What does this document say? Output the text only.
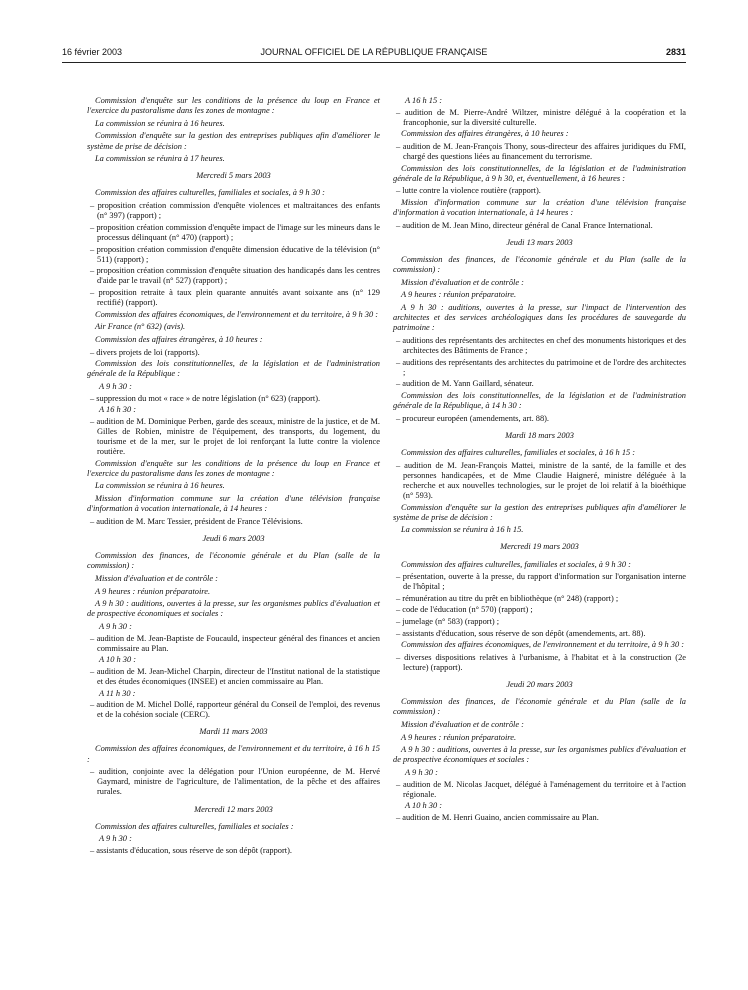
16 février 2003	JOURNAL OFFICIEL DE LA RÉPUBLIQUE FRANÇAISE	2831
Commission d'enquête sur les conditions de la présence du loup en France et l'exercice du pastoralisme dans les zones de montagne :
La commission se réunira à 16 heures.
Commission d'enquête sur la gestion des entreprises publiques afin d'améliorer le système de prise de décision :
La commission se réunira à 17 heures.
Mercredi 5 mars 2003
Commission des affaires culturelles, familiales et sociales, à 9 h 30 :
– proposition création commission d'enquête violences et maltraitances des enfants (n° 397) (rapport) ;
– proposition création commission d'enquête impact de l'image sur les mineurs dans le processus délinquant (n° 470) (rapport) ;
– proposition création commission d'enquête dimension éducative de la télévision (n° 511) (rapport) ;
– proposition création commission d'enquête situation des handicapés dans les centres d'aide par le travail (n° 527) (rapport) ;
– proposition retraite à taux plein quarante annuités avant soixante ans (n° 129 rectifié) (rapport).
Commission des affaires économiques, de l'environnement et du territoire, à 9 h 30 :
Air France (n° 632) (avis).
Commission des affaires étrangères, à 10 heures :
– divers projets de loi (rapports).
Commission des lois constitutionnelles, de la législation et de l'administration générale de la République :
A 9 h 30 :
– suppression du mot « race » de notre législation (n° 623) (rapport).
A 16 h 30 :
– audition de M. Dominique Perben, garde des sceaux, ministre de la justice, et de M. Gilles de Robien, ministre de l'équipement, des transports, du logement, du tourisme et de la mer, sur le projet de loi renforçant la lutte contre la violence routière.
Commission d'enquête sur les conditions de la présence du loup en France et l'exercice du pastoralisme dans les zones de montagne :
La commission se réunira à 16 heures.
Mission d'information commune sur la création d'une télévision française d'information à vocation internationale, à 14 heures :
– audition de M. Marc Tessier, président de France Télévisions.
Jeudi 6 mars 2003
Commission des finances, de l'économie générale et du Plan (salle de la commission) :
Mission d'évaluation et de contrôle :
A 9 heures : réunion préparatoire.
A 9 h 30 : auditions, ouvertes à la presse, sur les organismes publics d'évaluation et de prospective économiques et sociales :
A 9 h 30 :
– audition de M. Jean-Baptiste de Foucauld, inspecteur général des finances et ancien commissaire au Plan.
A 10 h 30 :
– audition de M. Jean-Michel Charpin, directeur de l'Institut national de la statistique et des études économiques (INSEE) et ancien commissaire au Plan.
A 11 h 30 :
– audition de M. Michel Dollé, rapporteur général du Conseil de l'emploi, des revenus et de la cohésion sociale (CERC).
Mardi 11 mars 2003
Commission des affaires économiques, de l'environnement et du territoire, à 16 h 15 :
– audition, conjointe avec la délégation pour l'Union européenne, de M. Hervé Gaymard, ministre de l'agriculture, de l'alimentation, de la pêche et des affaires rurales.
Mercredi 12 mars 2003
Commission des affaires culturelles, familiales et sociales :
A 9 h 30 :
– assistants d'éducation, sous réserve de son dépôt (rapport).
A 16 h 15 :
– audition de M. Pierre-André Wiltzer, ministre délégué à la coopération et la francophonie, sur la diversité culturelle.
Commission des affaires étrangères, à 10 heures :
– audition de M. Jean-François Thony, sous-directeur des affaires juridiques du FMI, chargé des questions liées au financement du terrorisme.
Commission des lois constitutionnelles, de la législation et de l'administration générale de la République, à 9 h 30, et, éventuellement, à 16 heures :
– lutte contre la violence routière (rapport).
Mission d'information commune sur la création d'une télévision française d'information à vocation internationale, à 14 heures :
– audition de M. Jean Mino, directeur général de Canal France International.
Jeudi 13 mars 2003
Commission des finances, de l'économie générale et du Plan (salle de la commission) :
Mission d'évaluation et de contrôle :
A 9 heures : réunion préparatoire.
A 9 h 30 : auditions, ouvertes à la presse, sur l'impact de l'intervention des architectes et des services archéologiques dans les procédures de sauvegarde du patrimoine :
– auditions des représentants des architectes en chef des monuments historiques et des architectes des Bâtiments de France ;
– auditions des représentants des architectes du patrimoine et de l'ordre des architectes ;
– audition de M. Yann Gaillard, sénateur.
Commission des lois constitutionnelles, de la législation et de l'administration générale de la République, à 14 h 30 :
– procureur européen (amendements, art. 88).
Mardi 18 mars 2003
Commission des affaires culturelles, familiales et sociales, à 16 h 15 :
– audition de M. Jean-François Mattei, ministre de la santé, de la famille et des personnes handicapées, et de Mme Claudie Haigneré, ministre déléguée à la recherche et aux nouvelles technologies, sur le projet de loi relatif à la bioéthique (n° 593).
Commission d'enquête sur la gestion des entreprises publiques afin d'améliorer le système de prise de décision :
La commission se réunira à 16 h 15.
Mercredi 19 mars 2003
Commission des affaires culturelles, familiales et sociales, à 9 h 30 :
– présentation, ouverte à la presse, du rapport d'information sur l'organisation interne de l'hôpital ;
– rémunération au titre du prêt en bibliothèque (n° 248) (rapport) ;
– code de l'éducation (n° 570) (rapport) ;
– jumelage (n° 583) (rapport) ;
– assistants d'éducation, sous réserve de son dépôt (amendements, art. 88).
Commission des affaires économiques, de l'environnement et du territoire, à 9 h 30 :
– diverses dispositions relatives à l'urbanisme, à l'habitat et à la construction (2e lecture) (rapport).
Jeudi 20 mars 2003
Commission des finances, de l'économie générale et du Plan (salle de la commission) :
Mission d'évaluation et de contrôle :
A 9 heures : réunion préparatoire.
A 9 h 30 : auditions, ouvertes à la presse, sur les organismes publics d'évaluation et de prospective économiques et sociales :
A 9 h 30 :
– audition de M. Nicolas Jacquet, délégué à l'aménagement du territoire et à l'action régionale.
A 10 h 30 :
– audition de M. Henri Guaino, ancien commissaire au Plan.
